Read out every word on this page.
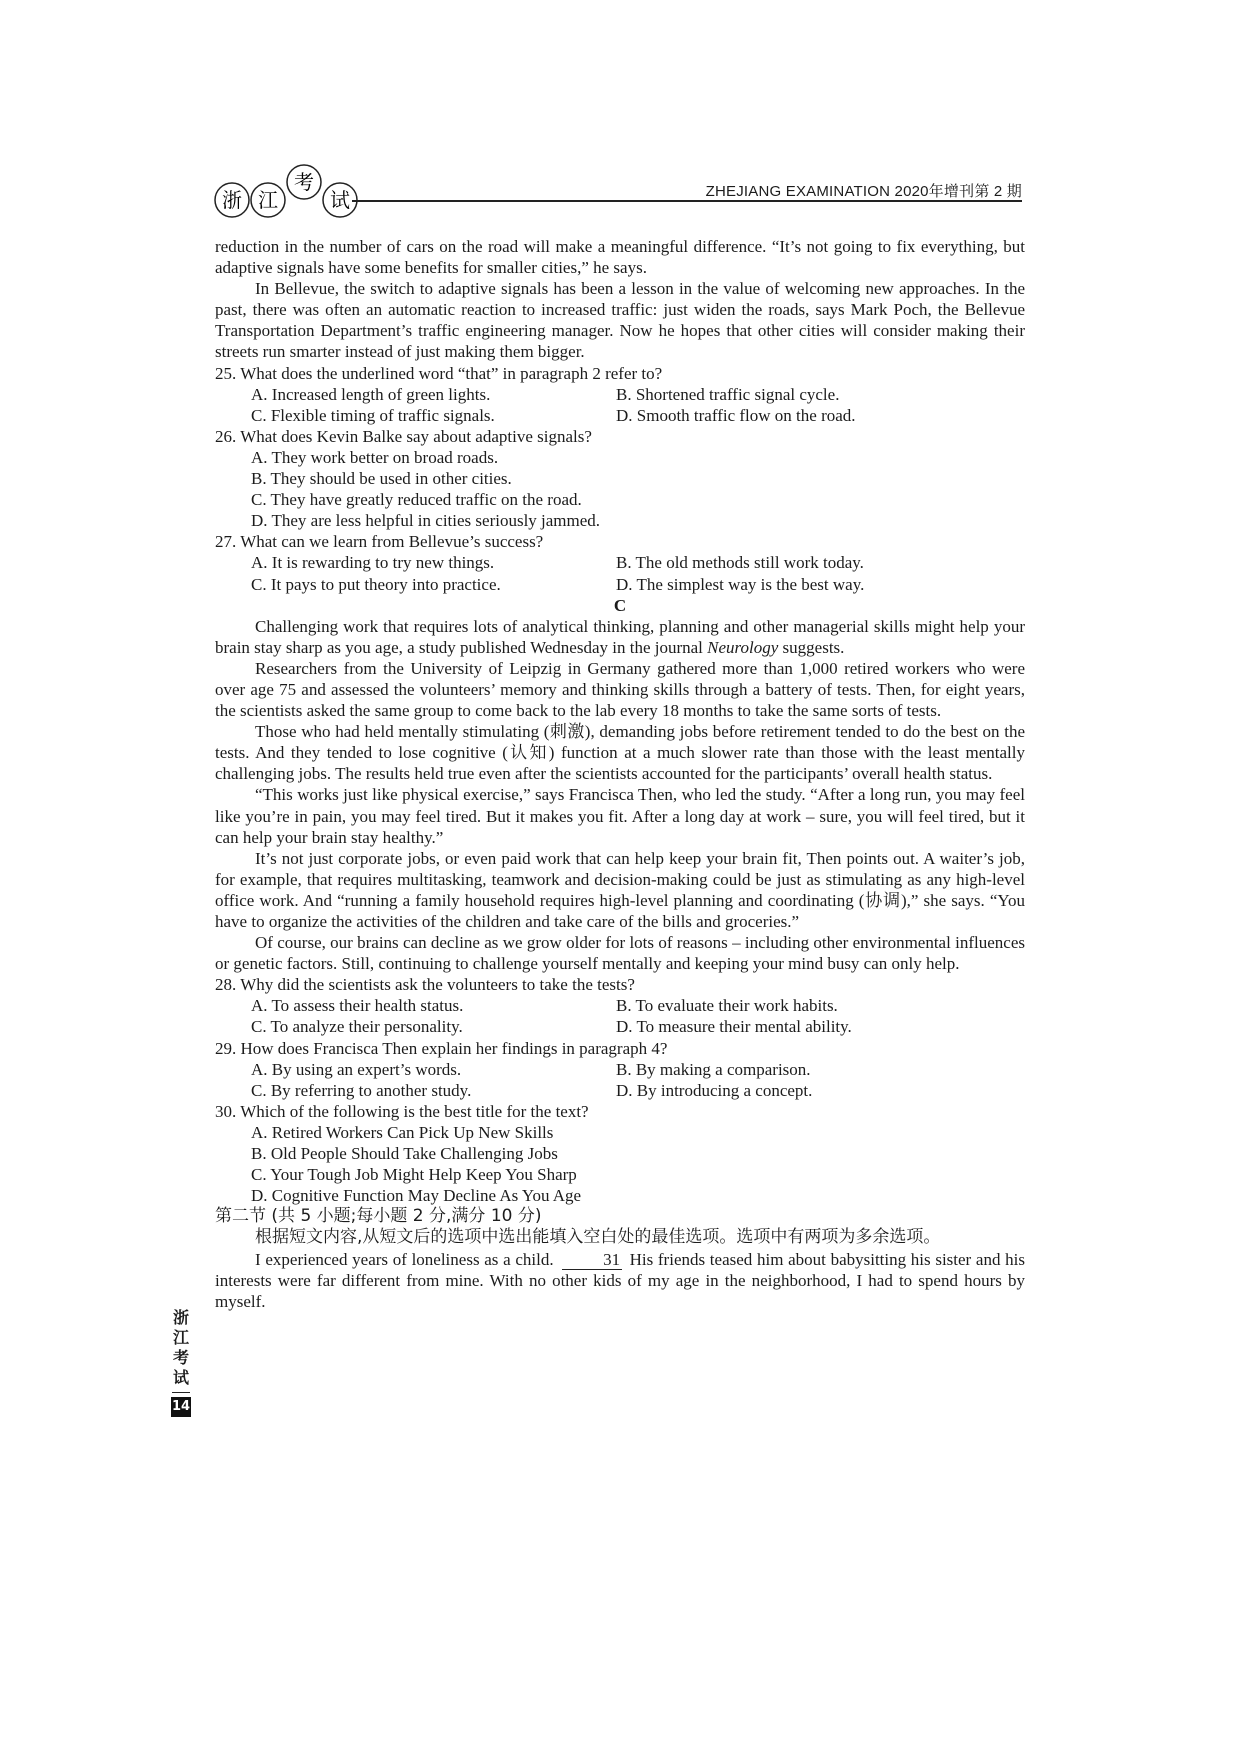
浙 江
考
试	ZHEJIANG EXAMINATION 2020年增刊第 2 期

reduction in the number of cars on the road will make a meaningful difference. “It’s not going to fix everything, but adaptive signals have some benefits for smaller cities,” he says.

In Bellevue, the switch to adaptive signals has been a lesson in the value of welcoming new approaches. In the past, there was often an automatic reaction to increased traffic: just widen the roads, says Mark Poch, the Bellevue Transportation Department’s traffic engineering manager. Now he hopes that other cities will consider making their streets run smarter instead of just making them bigger.

25. What does the underlined word “that” in paragraph 2 refer to?

A. Increased length of green lights.	B. Shortened traffic signal cycle.
C. Flexible timing of traffic signals.	D. Smooth traffic flow on the road.

26. What does Kevin Balke say about adaptive signals?

A. They work better on broad roads.
B. They should be used in other cities.
C. They have greatly reduced traffic on the road.
D. They are less helpful in cities seriously jammed.

27. What can we learn from Bellevue’s success?

A. It is rewarding to try new things.	B. The old methods still work today.
C. It pays to put theory into practice.	D. The simplest way is the best way.

C

Challenging work that requires lots of analytical thinking, planning and other managerial skills might help your brain stay sharp as you age, a study published Wednesday in the journal Neurology suggests.

Researchers from the University of Leipzig in Germany gathered more than 1,000 retired workers who were over age 75 and assessed the volunteers’ memory and thinking skills through a battery of tests. Then, for eight years, the scientists asked the same group to come back to the lab every 18 months to take the same sorts of tests.

Those who had held mentally stimulating (刺激), demanding jobs before retirement tended to do the best on the tests. And they tended to lose cognitive (认知) function at a much slower rate than those with the least mentally challenging jobs. The results held true even after the scientists accounted for the participants’ overall health status.

“This works just like physical exercise,” says Francisca Then, who led the study. “After a long run, you may feel like you’re in pain, you may feel tired. But it makes you fit. After a long day at work – sure, you will feel tired, but it can help your brain stay healthy.”

It’s not just corporate jobs, or even paid work that can help keep your brain fit, Then points out. A waiter’s job, for example, that requires multitasking, teamwork and decision-making could be just as stimulating as any high-level office work. And “running a family household requires high-level planning and coordinating (协调),” she says. “You have to organize the activities of the children and take care of the bills and groceries.”

Of course, our brains can decline as we grow older for lots of reasons – including other environmental influences or genetic factors. Still, continuing to challenge yourself mentally and keeping your mind busy can only help.

28. Why did the scientists ask the volunteers to take the tests?

A. To assess their health status.	B. To evaluate their work habits.
C. To analyze their personality.	D. To measure their mental ability.

29. How does Francisca Then explain her findings in paragraph 4?

A. By using an expert’s words.	B. By making a comparison.
C. By referring to another study.	D. By introducing a concept.

30. Which of the following is the best title for the text?

A. Retired Workers Can Pick Up New Skills
B. Old People Should Take Challenging Jobs
C. Your Tough Job Might Help Keep You Sharp
D. Cognitive Function May Decline As You Age

第二节 (共 5 小题;每小题 2 分,满分 10 分)

根据短文内容,从短文后的选项中选出能填入空白处的最佳选项。选项中有两项为多余选项。

I experienced years of loneliness as a child.	31 His friends teased him about babysitting his sister and his interests were far different from mine. With no other kids of my age in the neighborhood, I had to spend hours by myself.

浙
江
考
试
14
